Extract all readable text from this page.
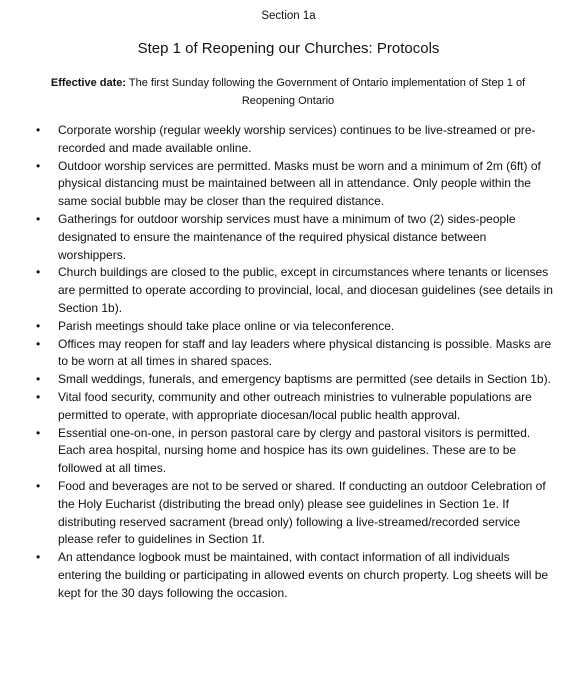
Section 1a
Step 1 of Reopening our Churches: Protocols
Effective date: The first Sunday following the Government of Ontario implementation of Step 1 of Reopening Ontario
• Corporate worship (regular weekly worship services) continues to be live-streamed or pre-recorded and made available online.
• Outdoor worship services are permitted. Masks must be worn and a minimum of 2m (6ft) of physical distancing must be maintained between all in attendance. Only people within the same social bubble may be closer than the required distance.
• Gatherings for outdoor worship services must have a minimum of two (2) sides-people designated to ensure the maintenance of the required physical distance between worshippers.
• Church buildings are closed to the public, except in circumstances where tenants or licenses are permitted to operate according to provincial, local, and diocesan guidelines (see details in Section 1b).
• Parish meetings should take place online or via teleconference.
• Offices may reopen for staff and lay leaders where physical distancing is possible. Masks are to be worn at all times in shared spaces.
• Small weddings, funerals, and emergency baptisms are permitted (see details in Section 1b).
• Vital food security, community and other outreach ministries to vulnerable populations are permitted to operate, with appropriate diocesan/local public health approval.
• Essential one-on-one, in person pastoral care by clergy and pastoral visitors is permitted. Each area hospital, nursing home and hospice has its own guidelines. These are to be followed at all times.
• Food and beverages are not to be served or shared. If conducting an outdoor Celebration of the Holy Eucharist (distributing the bread only) please see guidelines in Section 1e. If distributing reserved sacrament (bread only) following a live-streamed/recorded service please refer to guidelines in Section 1f.
• An attendance logbook must be maintained, with contact information of all individuals entering the building or participating in allowed events on church property. Log sheets will be kept for the 30 days following the occasion.
